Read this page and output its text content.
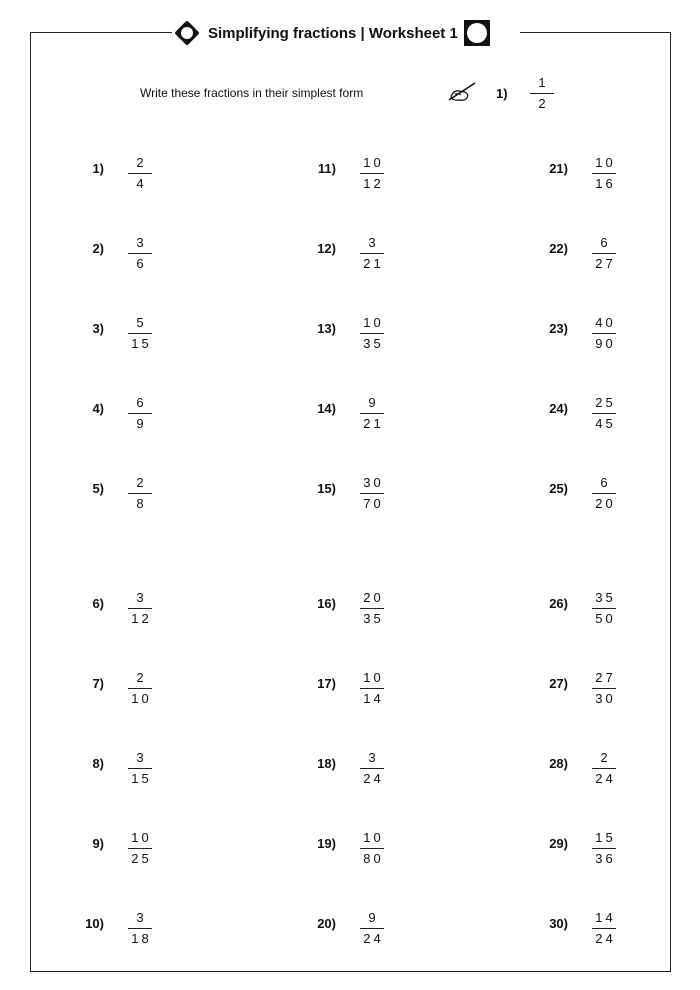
Simplifying fractions | Worksheet 1
Write these fractions in their simplest form	1)
1
2
1) 2
4
2) 3
6
3) 5
15
4) 6
9
5) 2
8
6) 3
12
7) 2
10
8) 3
15
9) 10
25
10) 3
18
11) 10
12
12) 3
21
13) 10
35
14) 9
21
15) 30
70
16) 20
35
17) 10
14
18) 3
24
19) 10
80
20) 9
24
21) 10
16
22) 6
27
23) 40
90
24) 25
45
25) 6
20
26) 35
50
27) 27
30
28) 2
24
29) 15
36
30) 14
24
